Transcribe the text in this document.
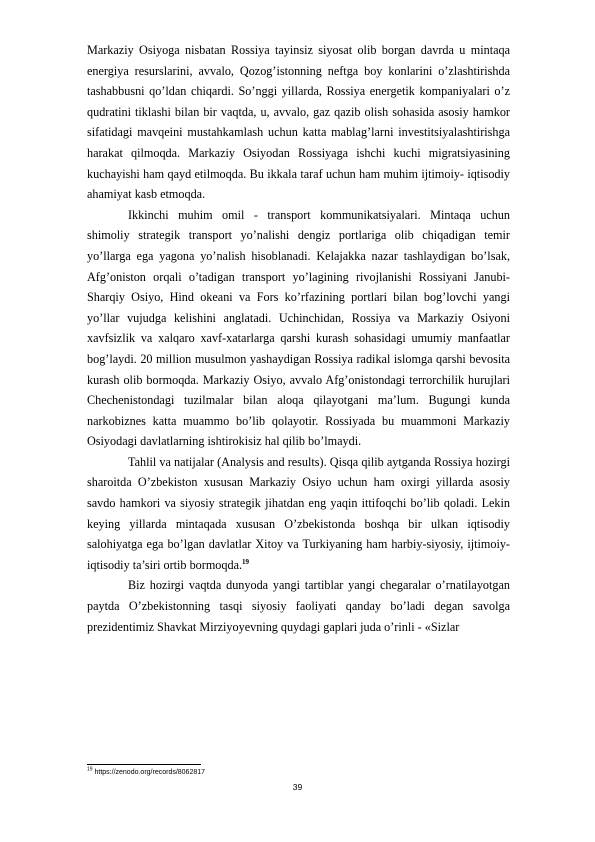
Markaziy Osiyoga nisbatan Rossiya tayinsiz siyosat olib borgan davrda u mintaqa energiya resurslarini, avvalo, Qozog’istonning neftga boy konlarini o’zlashtirishda tashabbusni qo’ldan chiqardi. So’nggi yillarda, Rossiya energetik kompaniyalari o’z qudratini tiklashi bilan bir vaqtda, u, avvalo, gaz qazib olish sohasida asosiy hamkor sifatidagi mavqeini mustahkamlash uchun katta mablag’larni investitsiyalashtirishga harakat qilmoqda. Markaziy Osiyodan Rossiyaga ishchi kuchi migratsiyasining kuchayishi ham qayd etilmoqda. Bu ikkala taraf uchun ham muhim ijtimoiy- iqtisodiy ahamiyat kasb etmoqda.

Ikkinchi muhim omil - transport kommunikatsiyalari. Mintaqa uchun shimoliy strategik transport yo’nalishi dengiz portlariga olib chiqadigan temir yo’llarga ega yagona yo’nalish hisoblanadi. Kelajakka nazar tashlaydigan bo’lsak, Afg’oniston orqali o’tadigan transport yo’lagining rivojlanishi Rossiyani Janubi-Sharqiy Osiyo, Hind okeani va Fors ko’rfazining portlari bilan bog’lovchi yangi yo’llar vujudga kelishini anglatadi. Uchinchidan, Rossiya va Markaziy Osiyoni xavfsizlik va xalqaro xavf-xatarlarga qarshi kurash sohasidagi umumiy manfaatlar bog’laydi. 20 million musulmon yashaydigan Rossiya radikal islomga qarshi bevosita kurash olib bormoqda. Markaziy Osiyo, avvalo Afg’onistondagi terrorchilik hurujlari Chechenistondagi tuzilmalar bilan aloqa qilayotgani ma’lum. Bugungi kunda narkobiznes katta muammo bo’lib qolayotir. Rossiyada bu muammoni Markaziy Osiyodagi davlatlarning ishtirokisiz hal qilib bo’lmaydi.

Tahlil va natijalar (Analysis and results). Qisqa qilib aytganda Rossiya hozirgi sharoitda O’zbekiston xususan Markaziy Osiyo uchun ham oxirgi yillarda asosiy savdo hamkori va siyosiy strategik jihatdan eng yaqin ittifoqchi bo’lib qoladi. Lekin keying yillarda mintaqada xususan O’zbekistonda boshqa bir ulkan iqtisodiy salohiyatga ega bo’lgan davlatlar Xitoy va Turkiyaning ham harbiy-siyosiy, ijtimoiy-iqtisodiy ta’siri ortib bormoqda.$^{19}$

Biz hozirgi vaqtda dunyoda yangi tartiblar yangi chegaralar o’rnatilayotgan paytda O’zbekistonning tasqi siyosiy faoliyati qanday bo’ladi degan savolga prezidentimiz Shavkat Mirziyoyevning quydagi gaplari juda o’rinli - «Sizlar

$^{19}$ https://zenodo.org/records/8062817

39
